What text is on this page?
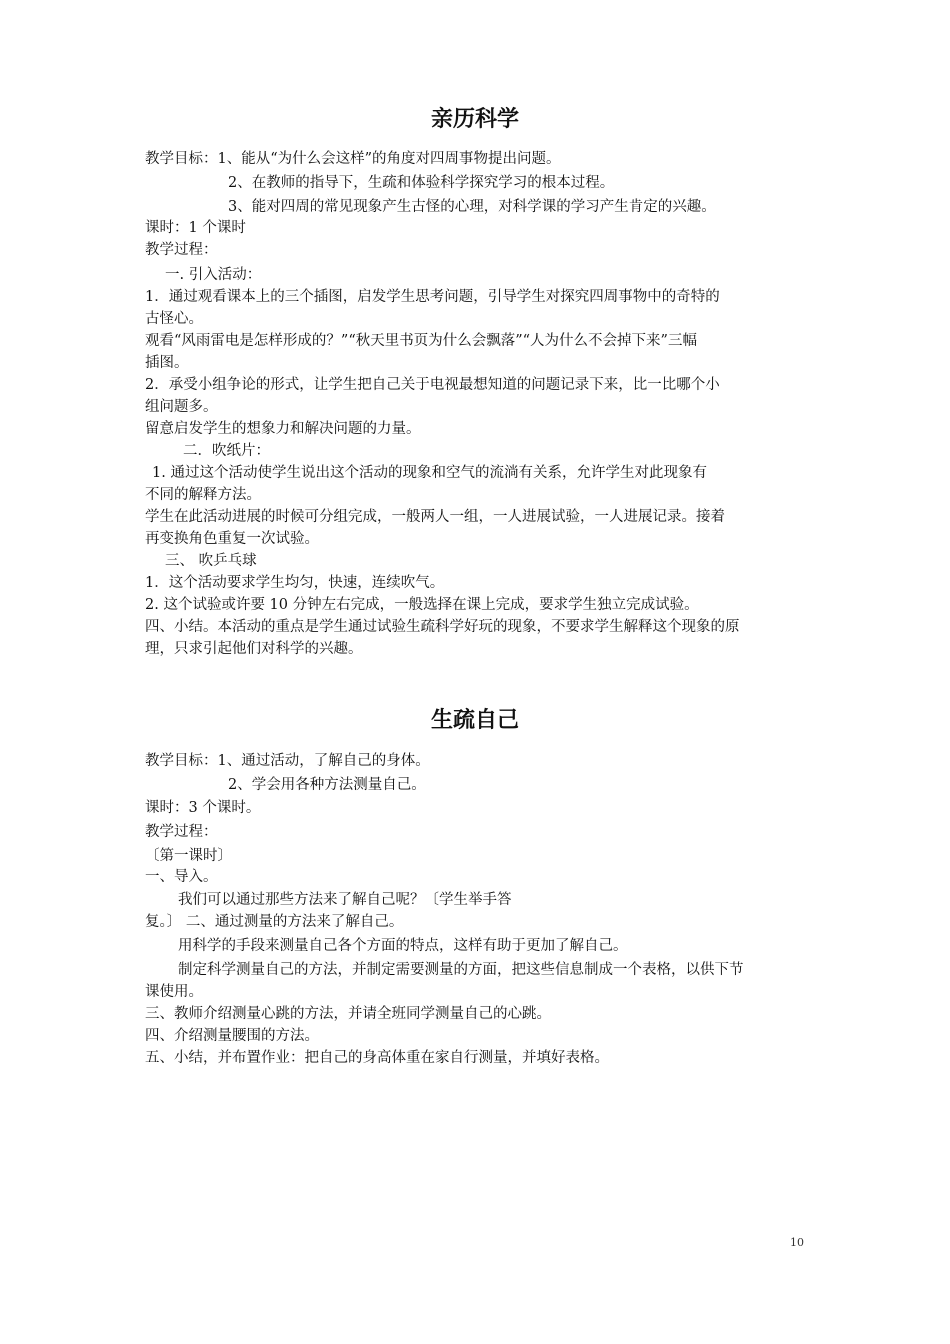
亲历科学
教学目标：1、能从“为什么会这样”的角度对四周事物提出问题。
2、在教师的指导下，生疏和体验科学探究学习的根本过程。
3、能对四周的常见现象产生古怪的心理，对科学课的学习产生肯定的兴趣。
课时：1 个课时
教学过程：
一. 引入活动：
1．通过观看课本上的三个插图，启发学生思考问题，引导学生对探究四周事物中的奇特的
古怪心。
观看“风雨雷电是怎样形成的？”“秋天里书页为什么会飘落”“人为什么不会掉下来”三幅
插图。
2．承受小组争论的形式，让学生把自己关于电视最想知道的问题记录下来，比一比哪个小
组问题多。
留意启发学生的想象力和解决问题的力量。
二．吹纸片：
1. 通过这个活动使学生说出这个活动的现象和空气的流淌有关系，允许学生对此现象有
不同的解释方法。
学生在此活动进展的时候可分组完成，一般两人一组，一人进展试验，一人进展记录。接着
再变换角色重复一次试验。
三、 吹乒乓球
1．这个活动要求学生均匀，快速，连续吹气。
2. 这个试验或许要 10 分钟左右完成，一般选择在课上完成，要求学生独立完成试验。
四、小结。本活动的重点是学生通过试验生疏科学好玩的现象，不要求学生解释这个现象的原
理，只求引起他们对科学的兴趣。
生疏自己
教学目标：1、通过活动，了解自己的身体。
2、学会用各种方法测量自己。
课时：3 个课时。
教学过程：
〔第一课时〕
一、导入。
我们可以通过那些方法来了解自己呢？〔学生举手答
复。〕 二、通过测量的方法来了解自己。
用科学的手段来测量自己各个方面的特点，这样有助于更加了解自己。
制定科学测量自己的方法，并制定需要测量的方面，把这些信息制成一个表格，以供下节
课使用。
三、教师介绍测量心跳的方法，并请全班同学测量自己的心跳。
四、介绍测量腰围的方法。
五、小结，并布置作业：把自己的身高体重在家自行测量，并填好表格。
10
